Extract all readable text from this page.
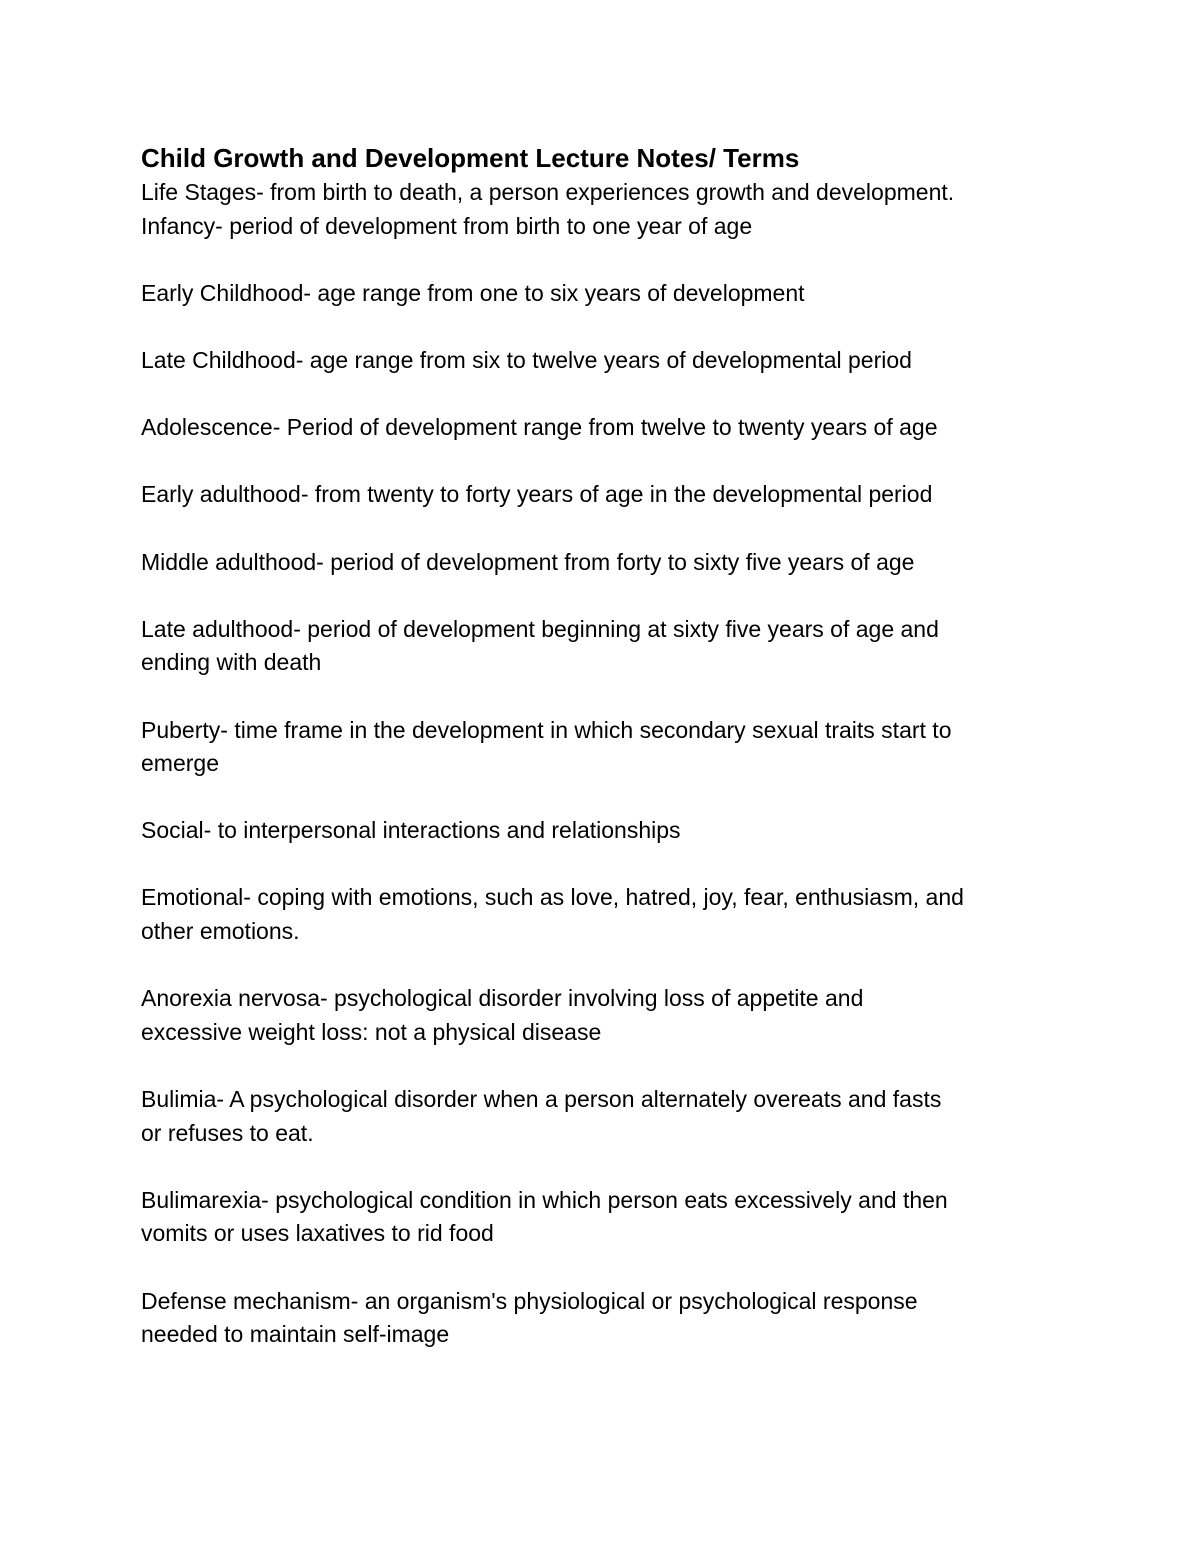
Child Growth and Development Lecture Notes/ Terms

Life Stages- from birth to death, a person experiences growth and development.

Infancy- period of development from birth to one year of age

Early Childhood- age range from one to six years of development

Late Childhood- age range from six to twelve years of developmental period

Adolescence- Period of development range from twelve to twenty years of age

Early adulthood- from twenty to forty years of age in the developmental period

Middle adulthood- period of development from forty to sixty five years of age

Late adulthood- period of development beginning at sixty five years of age and
ending with death

Puberty- time frame in the development in which secondary sexual traits start to
emerge

Social- to interpersonal interactions and relationships

Emotional- coping with emotions, such as love, hatred, joy, fear, enthusiasm, and
other emotions.

Anorexia nervosa- psychological disorder involving loss of appetite and
excessive weight loss: not a physical disease

Bulimia- A psychological disorder when a person alternately overeats and fasts
or refuses to eat.

Bulimarexia- psychological condition in which person eats excessively and then
vomits or uses laxatives to rid food

Defense mechanism- an organism's physiological or psychological response
needed to maintain self-image
